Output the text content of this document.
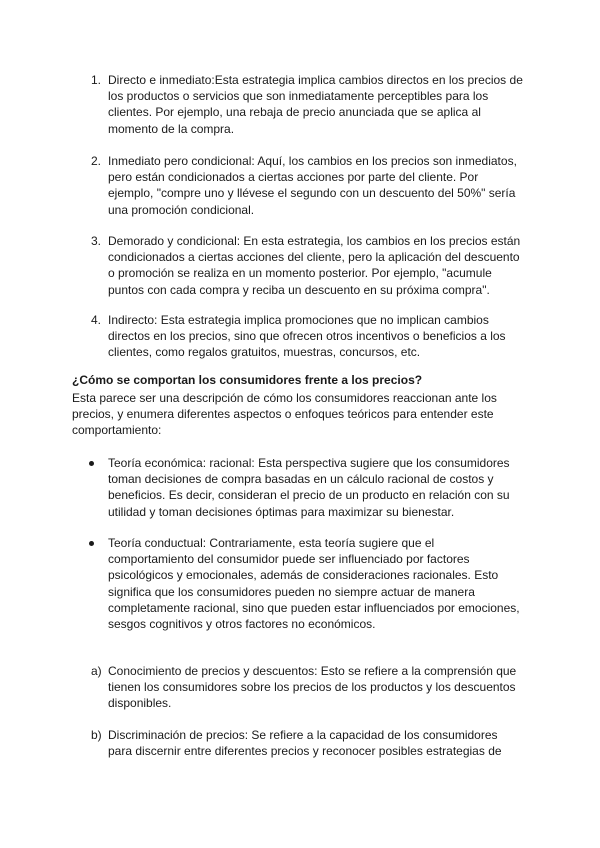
1. Directo e inmediato:Esta estrategia implica cambios directos en los precios de
los productos o servicios que son inmediatamente perceptibles para los
clientes. Por ejemplo, una rebaja de precio anunciada que se aplica al
momento de la compra.

2. Inmediato pero condicional: Aquí, los cambios en los precios son inmediatos,
pero están condicionados a ciertas acciones por parte del cliente. Por
ejemplo, "compre uno y llévese el segundo con un descuento del 50%" sería
una promoción condicional.

3. Demorado y condicional: En esta estrategia, los cambios en los precios están
condicionados a ciertas acciones del cliente, pero la aplicación del descuento
o promoción se realiza en un momento posterior. Por ejemplo, "acumule
puntos con cada compra y reciba un descuento en su próxima compra".

4. Indirecto: Esta estrategia implica promociones que no implican cambios
directos en los precios, sino que ofrecen otros incentivos o beneficios a los
clientes, como regalos gratuitos, muestras, concursos, etc.

¿Cómo se comportan los consumidores frente a los precios?

Esta parece ser una descripción de cómo los consumidores reaccionan ante los
precios, y enumera diferentes aspectos o enfoques teóricos para entender este
comportamiento:

Teoría económica: racional: Esta perspectiva sugiere que los consumidores
toman decisiones de compra basadas en un cálculo racional de costos y
beneficios. Es decir, consideran el precio de un producto en relación con su
utilidad y toman decisiones óptimas para maximizar su bienestar.

Teoría conductual: Contrariamente, esta teoría sugiere que el
comportamiento del consumidor puede ser influenciado por factores
psicológicos y emocionales, además de consideraciones racionales. Esto
significa que los consumidores pueden no siempre actuar de manera
completamente racional, sino que pueden estar influenciados por emociones,
sesgos cognitivos y otros factores no económicos.

a) Conocimiento de precios y descuentos: Esto se refiere a la comprensión que
tienen los consumidores sobre los precios de los productos y los descuentos
disponibles.

b) Discriminación de precios: Se refiere a la capacidad de los consumidores
para discernir entre diferentes precios y reconocer posibles estrategias de
